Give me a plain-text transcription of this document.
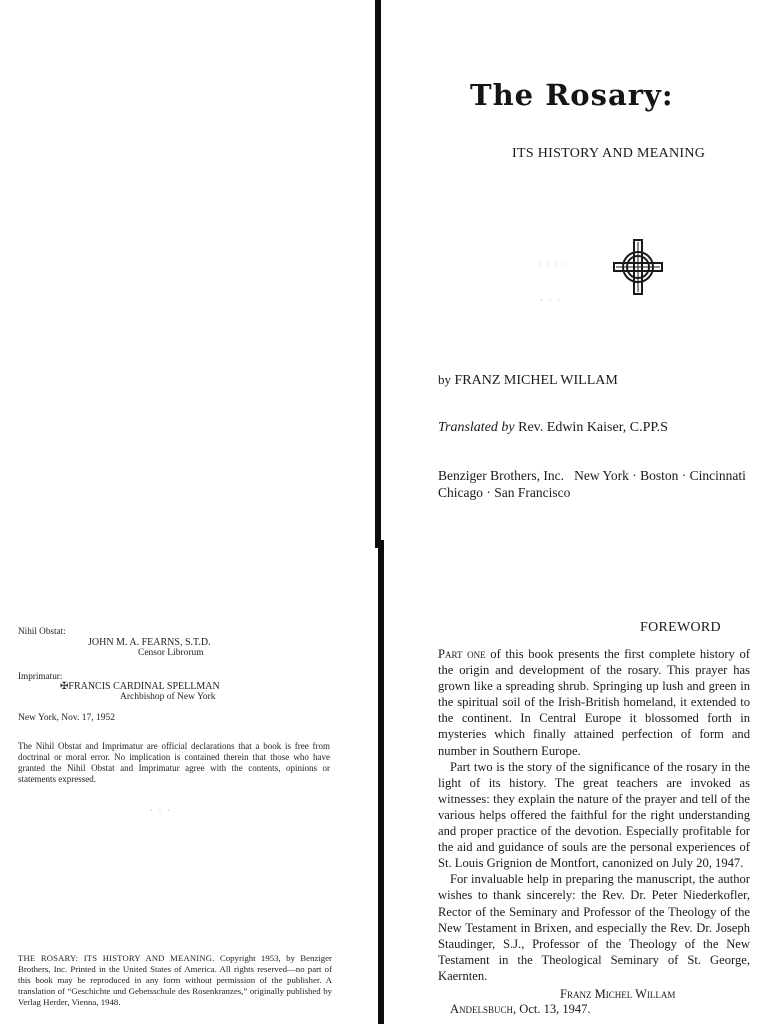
The Rosary:
ITS HISTORY AND MEANING
· · · ·
· · ·
by FRANZ MICHEL WILLAM
Translated by Rev. Edwin Kaiser, C.PP.S
Benziger Brothers, Inc.   New York · Boston · Cincinnati
Chicago · San Francisco
FOREWORD

Part one of this book presents the first complete history of the origin and development of the rosary. This prayer has grown like a spreading shrub. Springing up lush and green in the spiritual soil of the Irish-British homeland, it extended to the continent. In Central Europe it blossomed forth in mysteries which finally attained perfection of form and number in Southern Europe.

Part two is the story of the significance of the rosary in the light of its history. The great teachers are invoked as witnesses: they explain the nature of the prayer and tell of the various helps offered the faithful for the right understanding and proper practice of the devotion. Especially profitable for the aid and guidance of souls are the personal experiences of St. Louis Grignion de Montfort, canonized on July 20, 1947.

For invaluable help in preparing the manuscript, the author wishes to thank sincerely: the Rev. Dr. Peter Niederkofler, Rector of the Seminary and Professor of the Theology of the New Testament in Brixen, and especially the Rev. Dr. Joseph Staudinger, S.J., Professor of the Theology of the New Testament in the Theological Seminary of St. George, Kaernten.

Franz Michel Willam
Andelsbuch, Oct. 13, 1947.
Nihil Obstat:
JOHN M. A. FEARNS, S.T.D.
Censor Librorum
Imprimatur:
✠FRANCIS CARDINAL SPELLMAN
Archbishop of New York
New York, Nov. 17, 1952
The Nihil Obstat and Imprimatur are official declarations that a book is free from doctrinal or moral error. No implication is contained therein that those who have granted the Nihil Obstat and Imprimatur agree with the contents, opinions or statements expressed.
· · ·
THE ROSARY: ITS HISTORY AND MEANING. Copyright 1953, by Benziger Brothers, Inc. Printed in the United States of America. All rights reserved—no part of this book may be reproduced in any form without permission of the publisher. A translation of “Geschichte und Gebetsschule des Rosenkranzes,” originally published by Verlag Herder, Vienna, 1948.
